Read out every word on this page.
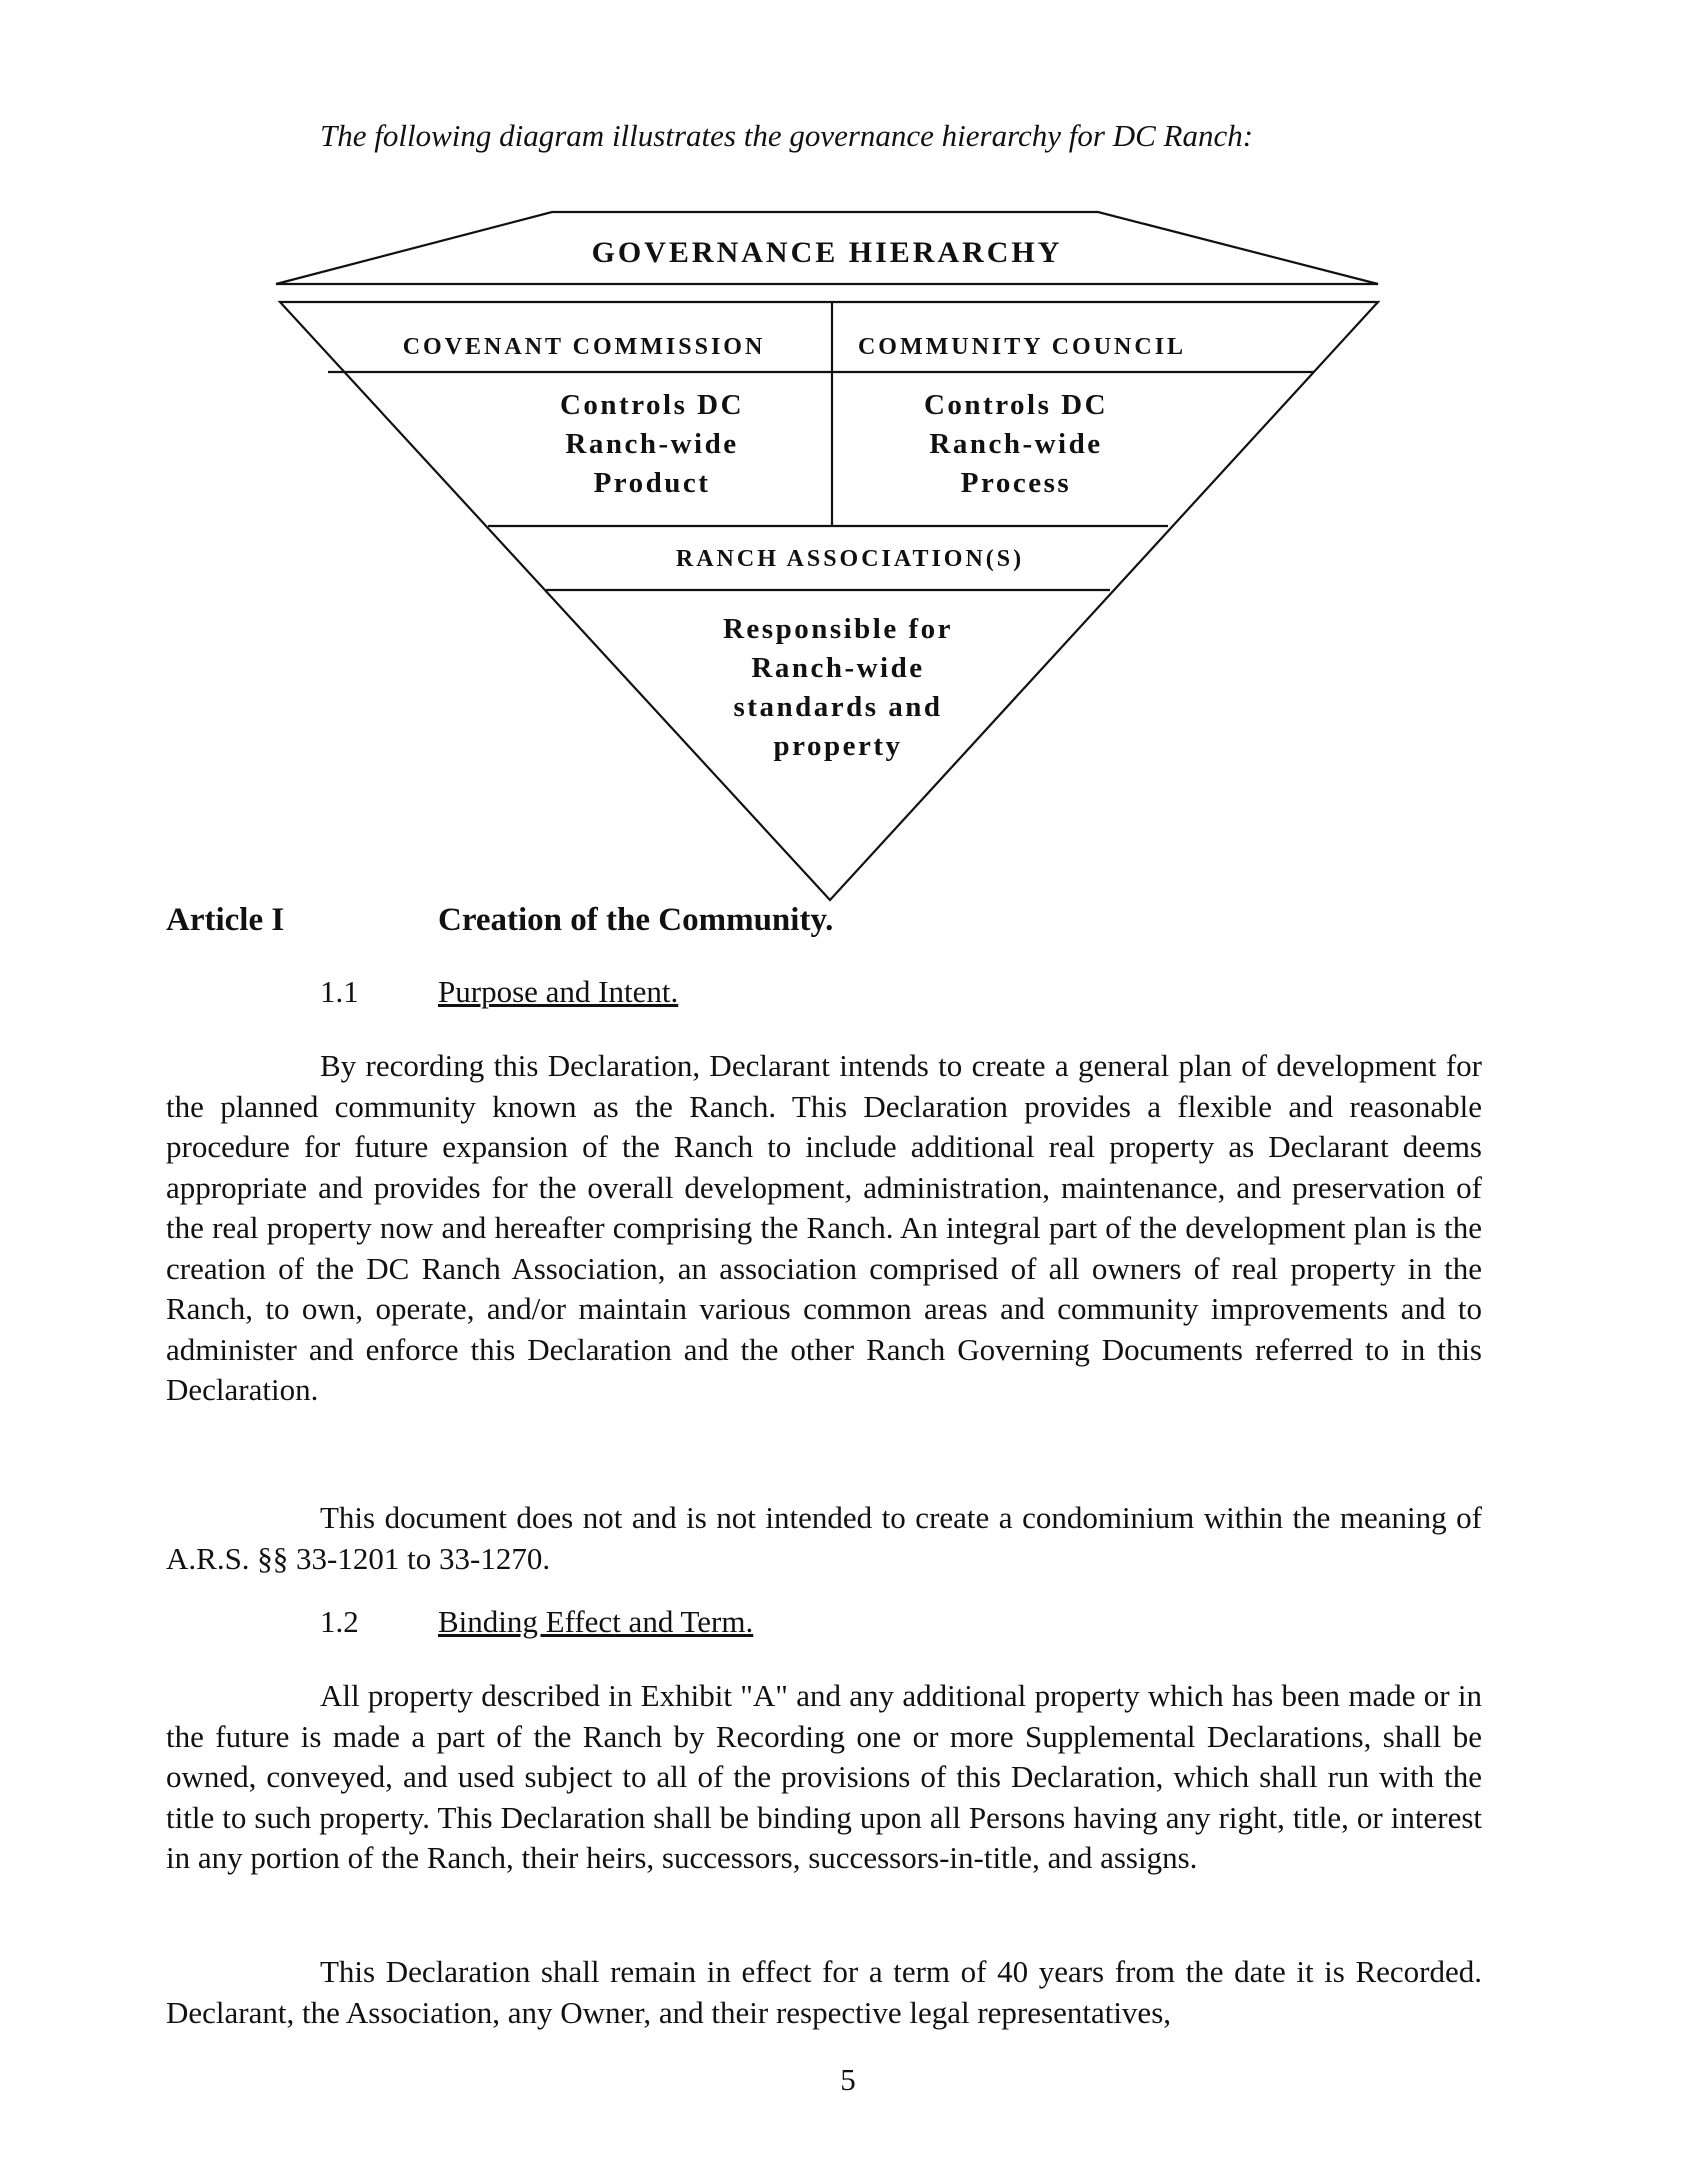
The following diagram illustrates the governance hierarchy for DC Ranch:
GOVERNANCE HIERARCHY
COVENANT COMMISSION	COMMUNITY COUNCIL
Controls DC
Ranch-wide
Product
Controls DC
Ranch-wide
Process
RANCH ASSOCIATION(S)
Responsible for
Ranch-wide
standards and
property
Article I	Creation of the Community.
1.1	Purpose and Intent.

By recording this Declaration, Declarant intends to create a general plan of development for the planned community known as the Ranch. This Declaration provides a flexible and reasonable procedure for future expansion of the Ranch to include additional real property as Declarant deems appropriate and provides for the overall development, administration, maintenance, and preservation of the real property now and hereafter comprising the Ranch. An integral part of the development plan is the creation of the DC Ranch Association, an association comprised of all owners of real property in the Ranch, to own, operate, and/or maintain various common areas and community improvements and to administer and enforce this Declaration and the other Ranch Governing Documents referred to in this Declaration.

This document does not and is not intended to create a condominium within the meaning of A.R.S. §§ 33-1201 to 33-1270.

1.2	Binding Effect and Term.

All property described in Exhibit "A" and any additional property which has been made or in the future is made a part of the Ranch by Recording one or more Supplemental Declarations, shall be owned, conveyed, and used subject to all of the provisions of this Declaration, which shall run with the title to such property. This Declaration shall be binding upon all Persons having any right, title, or interest in any portion of the Ranch, their heirs, successors, successors-in-title, and assigns.

This Declaration shall remain in effect for a term of 40 years from the date it is Recorded. Declarant, the Association, any Owner, and their respective legal representatives,

5
